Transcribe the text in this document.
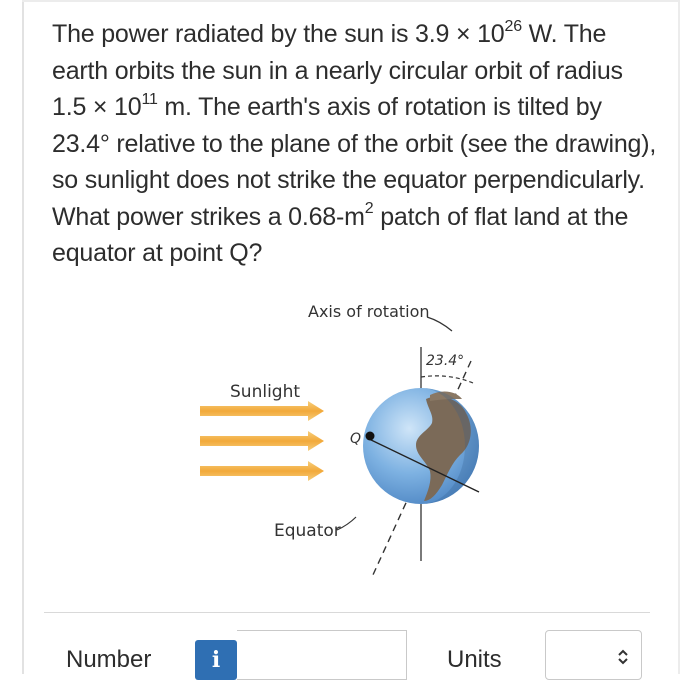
The power radiated by the sun is $3.9 \times 10^{26}$ W. The earth orbits the sun in a nearly circular orbit of radius $1.5 \times 10^{11}$ m. The earth's axis of rotation is tilted by 23.4° relative to the plane of the orbit (see the drawing), so sunlight does not strike the equator perpendicularly. What power strikes a $0.68-m^2$ patch of flat land at the equator at point Q?
Axis of rotation
23.4°
Sunlight
Q
Equator
Number	i	Units
